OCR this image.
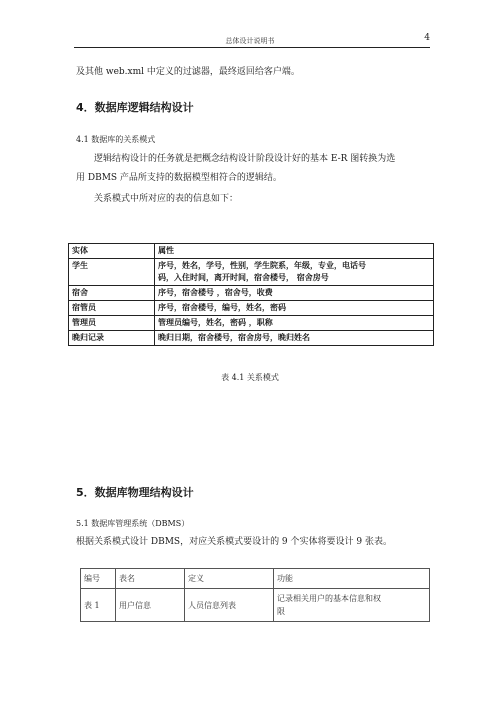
总体设计说明书	4
及其他 web.xml 中定义的过滤器，最终返回给客户端。
4．数据库逻辑结构设计
4.1 数据库的关系模式
逻辑结构设计的任务就是把概念结构设计阶段设计好的基本 E-R 图转换为选
用 DBMS 产品所支持的数据模型相符合的逻辑结。
关系模式中所对应的表的信息如下：
实体	属性
学生	序号，姓名，学号，性别，学生院系，年级，专业，电话号
码，入住时间，离开时间，宿舍楼号， 宿舍房号

宿舍	序号，宿舍楼号 ，宿舍号，收费
宿管员	序号，宿舍楼号，编号，姓名，密码
管理员	管理员编号，姓名，密码 ，职称
晚归记录	晚归日期，宿舍楼号，宿舍房号，晚归姓名
表 4.1 关系模式
5．数据库物理结构设计
5.1 数据库管理系统（DBMS）
根据关系模式设计 DBMS，对应关系模式要设计的 9 个实体将要设计 9 张表。
编号	表名	定义	功能
表 1	用户信息	人员信息列表	记录相关用户的基本信息和权
限
